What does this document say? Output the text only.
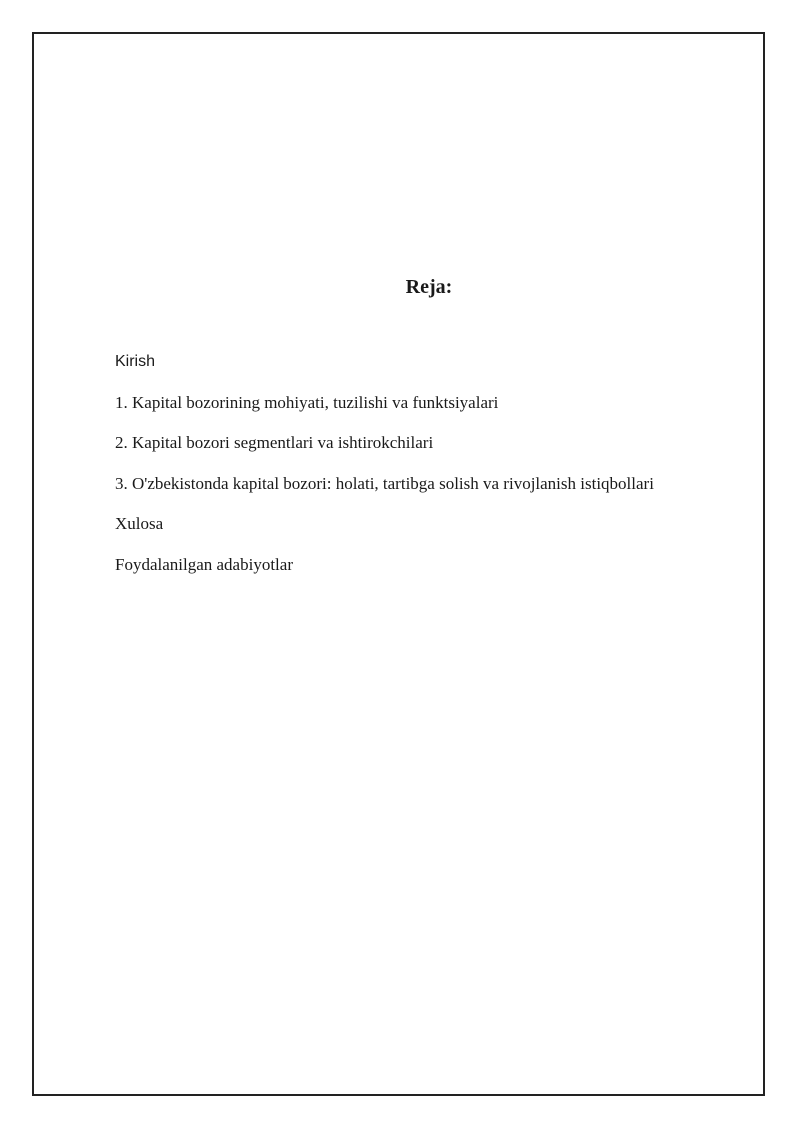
Reja:
Kirish
1. Kapital bozorining mohiyati, tuzilishi va funktsiyalari
2. Kapital bozori segmentlari va ishtirokchilari
3. O'zbekistonda kapital bozori: holati, tartibga solish va rivojlanish istiqbollari
Xulosa
Foydalanilgan adabiyotlar
